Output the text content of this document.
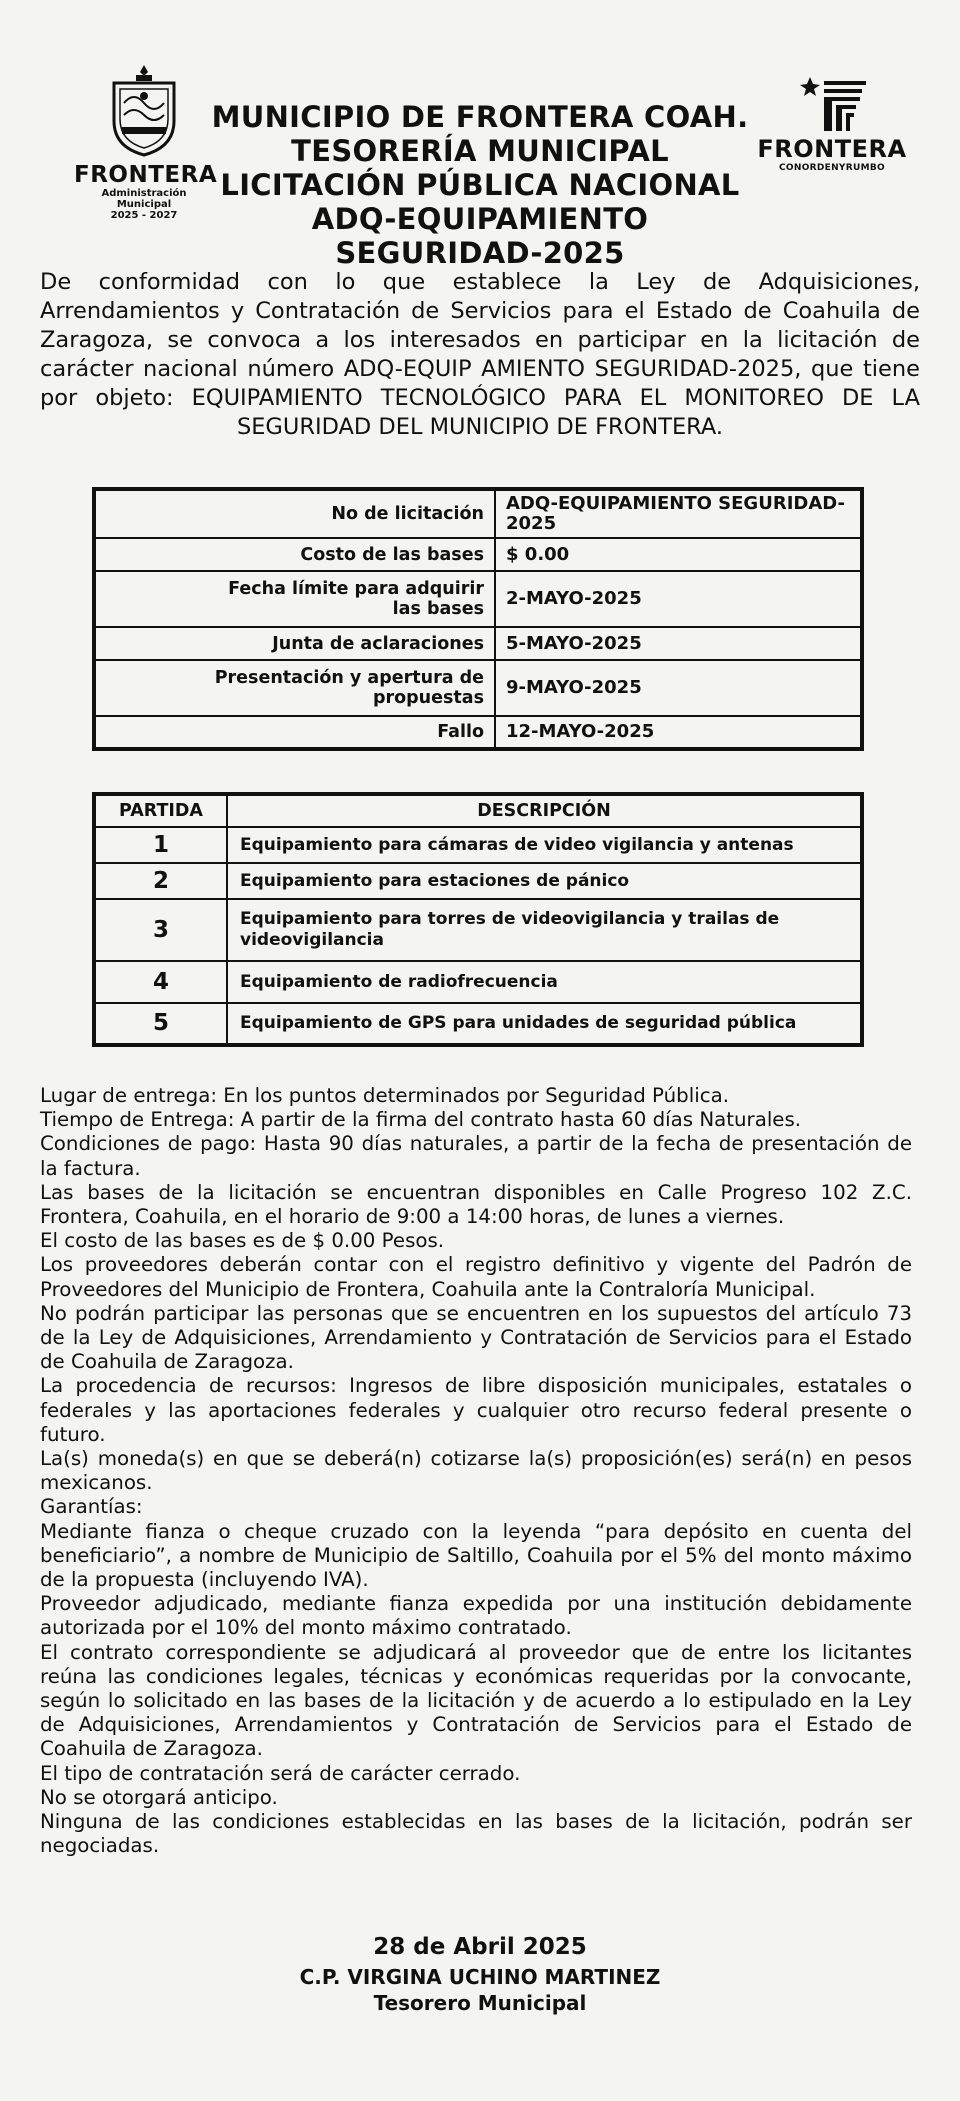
FRONTERA
Administración Municipal
2025 - 2027
MUNICIPIO DE FRONTERA COAH.
TESORERÍA MUNICIPAL
LICITACIÓN PÚBLICA NACIONAL
ADQ-EQUIPAMIENTO SEGURIDAD-2025
FRONTERA
CONORDENYRUMBO
De conformidad con lo que establece la Ley de Adquisiciones, Arrendamientos y Contratación de Servicios para el Estado de Coahuila de Zaragoza, se convoca a los interesados en participar en la licitación de carácter nacional número ADQ-EQUIP AMIENTO SEGURIDAD-2025, que tiene por objeto: EQUIPAMIENTO TECNOLÓGICO PARA EL MONITOREO DE LA SEGURIDAD DEL MUNICIPIO DE FRONTERA.
No de licitación	ADQ-EQUIPAMIENTO SEGURIDAD-2025
Costo de las bases	$ 0.00
Fecha límite para adquirir las bases	2-MAYO-2025
Junta de aclaraciones	5-MAYO-2025
Presentación y apertura de propuestas	9-MAYO-2025
Fallo	12-MAYO-2025
PARTIDA	DESCRIPCIÓN
1	Equipamiento para cámaras de video vigilancia y antenas
2	Equipamiento para estaciones de pánico
3	Equipamiento para torres de videovigilancia y trailas de videovigilancia
4	Equipamiento de radiofrecuencia
5	Equipamiento de GPS para unidades de seguridad pública

Lugar de entrega: En los puntos determinados por Seguridad Pública.

Tiempo de Entrega: A partir de la firma del contrato hasta 60 días Naturales.

Condiciones de pago: Hasta 90 días naturales, a partir de la fecha de presentación de la factura.

Las bases de la licitación se encuentran disponibles en Calle Progreso 102 Z.C. Frontera, Coahuila, en el horario de 9:00 a 14:00 horas, de lunes a viernes.

El costo de las bases es de $ 0.00 Pesos.

Los proveedores deberán contar con el registro definitivo y vigente del Padrón de Proveedores del Municipio de Frontera, Coahuila ante la Contraloría Municipal.

No podrán participar las personas que se encuentren en los supuestos del artículo 73 de la Ley de Adquisiciones, Arrendamiento y Contratación de Servicios para el Estado de Coahuila de Zaragoza.

La procedencia de recursos: Ingresos de libre disposición municipales, estatales o federales y las aportaciones federales y cualquier otro recurso federal presente o futuro.

La(s) moneda(s) en que se deberá(n) cotizarse la(s) proposición(es) será(n) en pesos mexicanos.

Garantías:

Mediante fianza o cheque cruzado con la leyenda “para depósito en cuenta del beneficiario”, a nombre de Municipio de Saltillo, Coahuila por el 5% del monto máximo de la propuesta (incluyendo IVA).

Proveedor adjudicado, mediante fianza expedida por una institución debidamente autorizada por el 10% del monto máximo contratado.

El contrato correspondiente se adjudicará al proveedor que de entre los licitantes reúna las condiciones legales, técnicas y económicas requeridas por la convocante, según lo solicitado en las bases de la licitación y de acuerdo a lo estipulado en la Ley de Adquisiciones, Arrendamientos y Contratación de Servicios para el Estado de Coahuila de Zaragoza.

El tipo de contratación será de carácter cerrado.

No se otorgará anticipo.

Ninguna de las condiciones establecidas en las bases de la licitación, podrán ser negociadas.

28 de Abril 2025
C.P. VIRGINA UCHINO MARTINEZ
Tesorero Municipal
